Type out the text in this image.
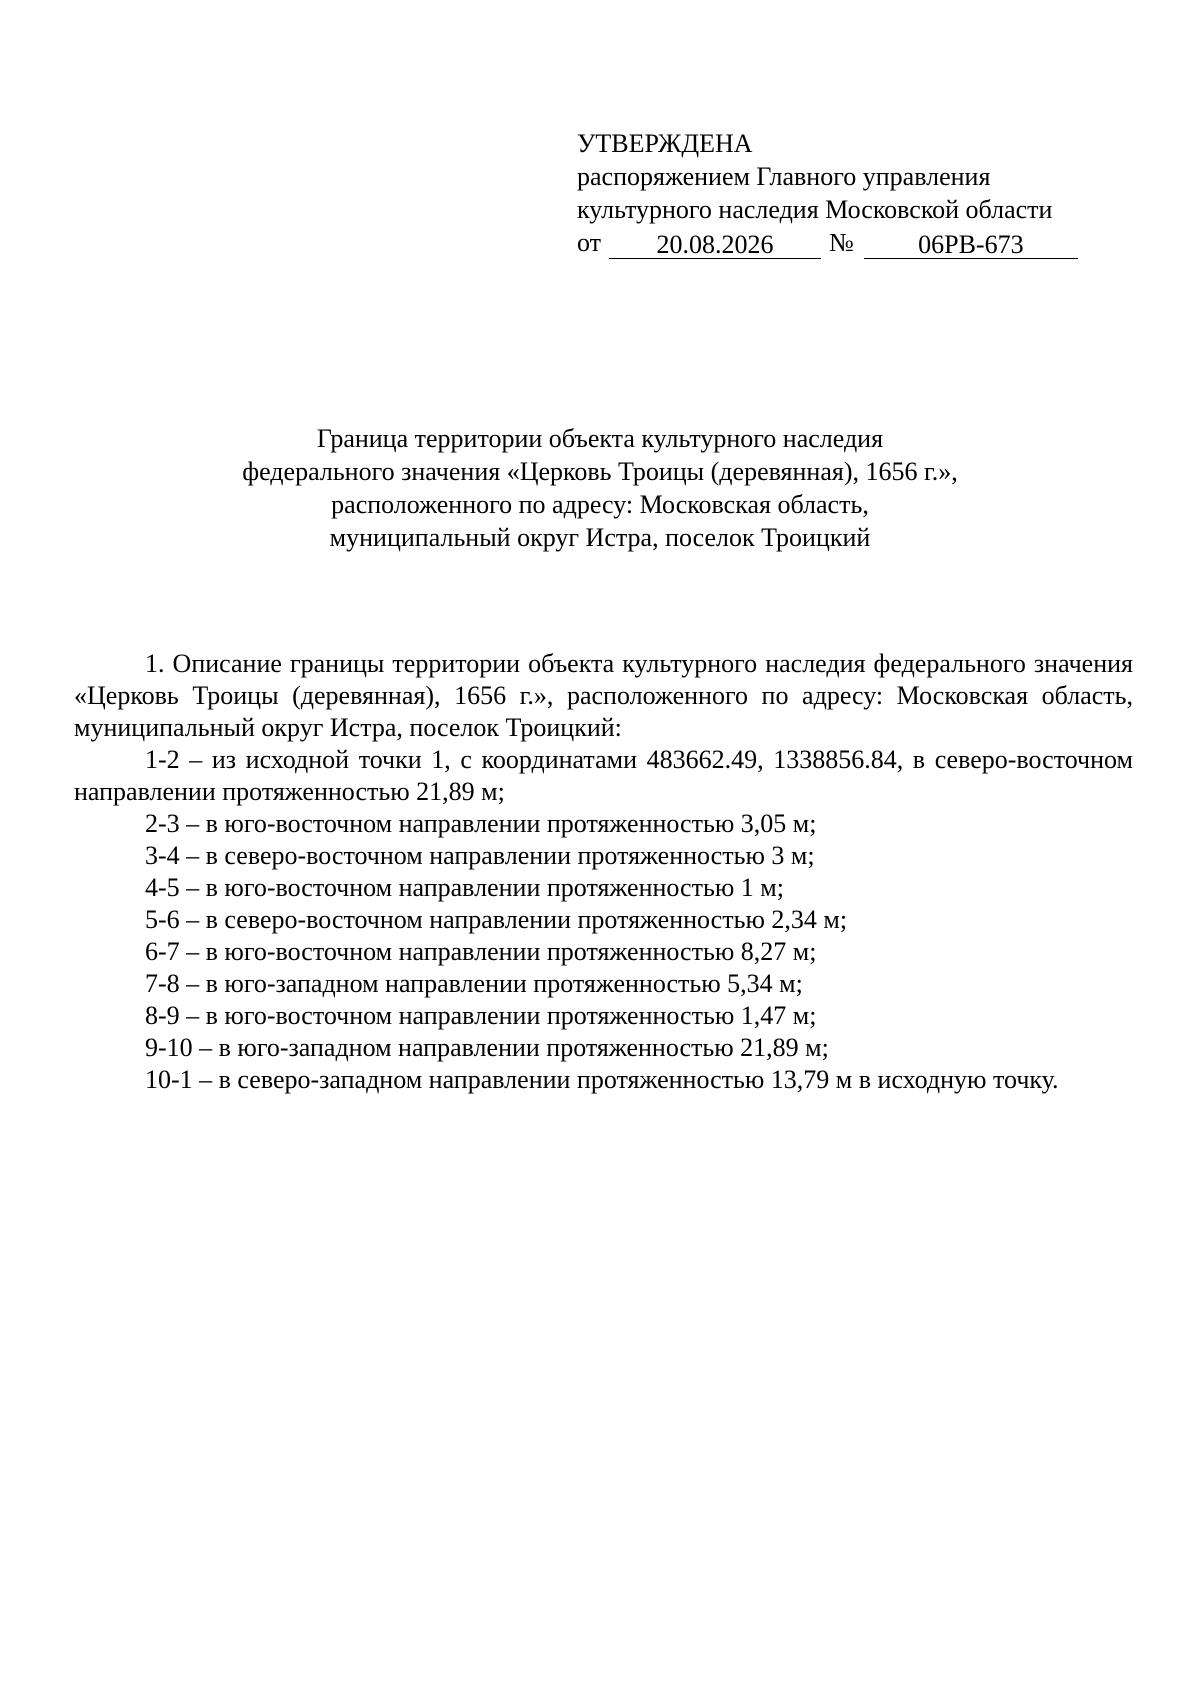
УТВЕРЖДЕНА
распоряжением Главного управления
культурного наследия Московской области
от	20.08.2026	№	06РВ-673
Граница территории объекта культурного наследия
федерального значения «Церковь Троицы (деревянная), 1656 г.»,
расположенного по адресу: Московская область,
муниципальный округ Истра, поселок Троицкий

1. Описание границы территории объекта культурного наследия федерального значения «Церковь Троицы (деревянная), 1656 г.», расположенного по адресу: Московская область, муниципальный округ Истра, поселок Троицкий:

1-2 – из исходной точки 1, с координатами 483662.49, 1338856.84, в северо-восточном направлении протяженностью 21,89 м;

2-3 – в юго-восточном направлении протяженностью 3,05 м;

3-4 – в северо-восточном направлении протяженностью 3 м;

4-5 – в юго-восточном направлении протяженностью 1 м;

5-6 – в северо-восточном направлении протяженностью 2,34 м;

6-7 – в юго-восточном направлении протяженностью 8,27 м;

7-8 – в юго-западном направлении протяженностью 5,34 м;

8-9 – в юго-восточном направлении протяженностью 1,47 м;

9-10 – в юго-западном направлении протяженностью 21,89 м;

10-1 – в северо-западном направлении протяженностью 13,79 м в исходную точку.
